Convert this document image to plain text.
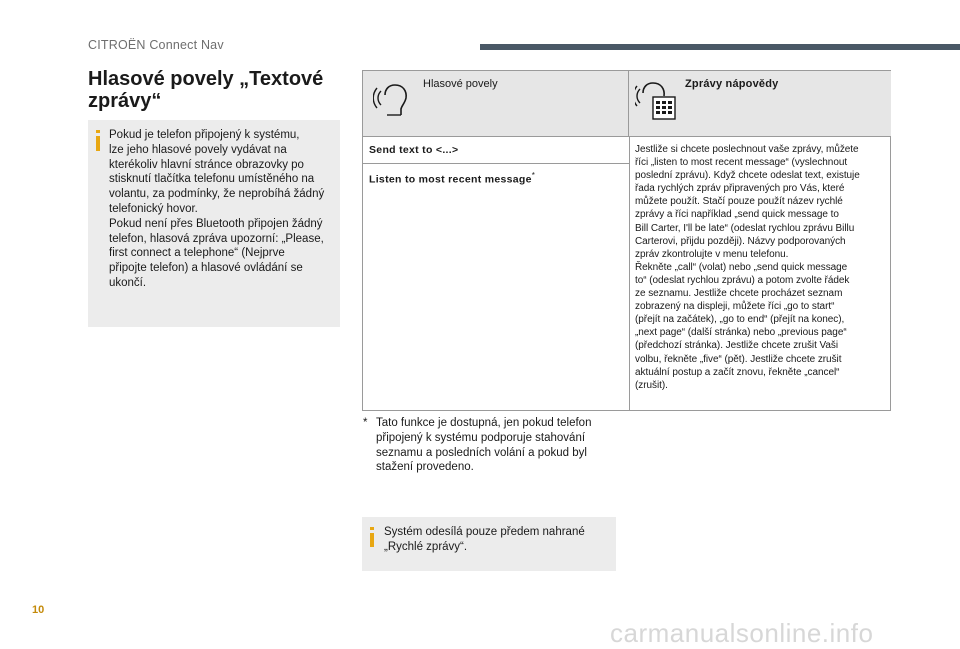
CITROËN Connect Nav
Hlasové povely „Textové zprávy“
Pokud je telefon připojený k systému,
lze jeho hlasové povely vydávat na
kterékoliv hlavní stránce obrazovky po
stisknutí tlačítka telefonu umístěného na
volantu, za podmínky, že neprobíhá žádný
telefonický hovor.
Pokud není přes Bluetooth připojen žádný
telefon, hlasová zpráva upozorní: „Please,
first connect a telephone“ (Nejprve
připojte telefon) a hlasové ovládání se
ukončí.
Hlasové povely	Zprávy nápovědy
Send text to <...>
Listen to most recent message*
Jestliže si chcete poslechnout vaše zprávy, můžete
říci „listen to most recent message“ (vyslechnout
poslední zprávu). Když chcete odeslat text, existuje
řada rychlých zpráv připravených pro Vás, které
můžete použít. Stačí pouze použít název rychlé
zprávy a říci například „send quick message to
Bill Carter, I'll be late“ (odeslat rychlou zprávu Billu
Carterovi, přijdu později). Názvy podporovaných
zpráv zkontrolujte v menu telefonu.
Řekněte „call“ (volat) nebo „send quick message
to“ (odeslat rychlou zprávu) a potom zvolte řádek
ze seznamu. Jestliže chcete procházet seznam
zobrazený na displeji, můžete říci „go to start“
(přejít na začátek), „go to end“ (přejít na konec),
„next page“ (další stránka) nebo „previous page“
(předchozí stránka). Jestliže chcete zrušit Vaši
volbu, řekněte „five“ (pět). Jestliže chcete zrušit
aktuální postup a začít znovu, řekněte „cancel“
(zrušit).
* Tato funkce je dostupná, jen pokud telefon
připojený k systému podporuje stahování
seznamu a posledních volání a pokud byl
stažení provedeno.
Systém odesílá pouze předem nahrané
„Rychlé zprávy“.
10
carmanualsonline.info
